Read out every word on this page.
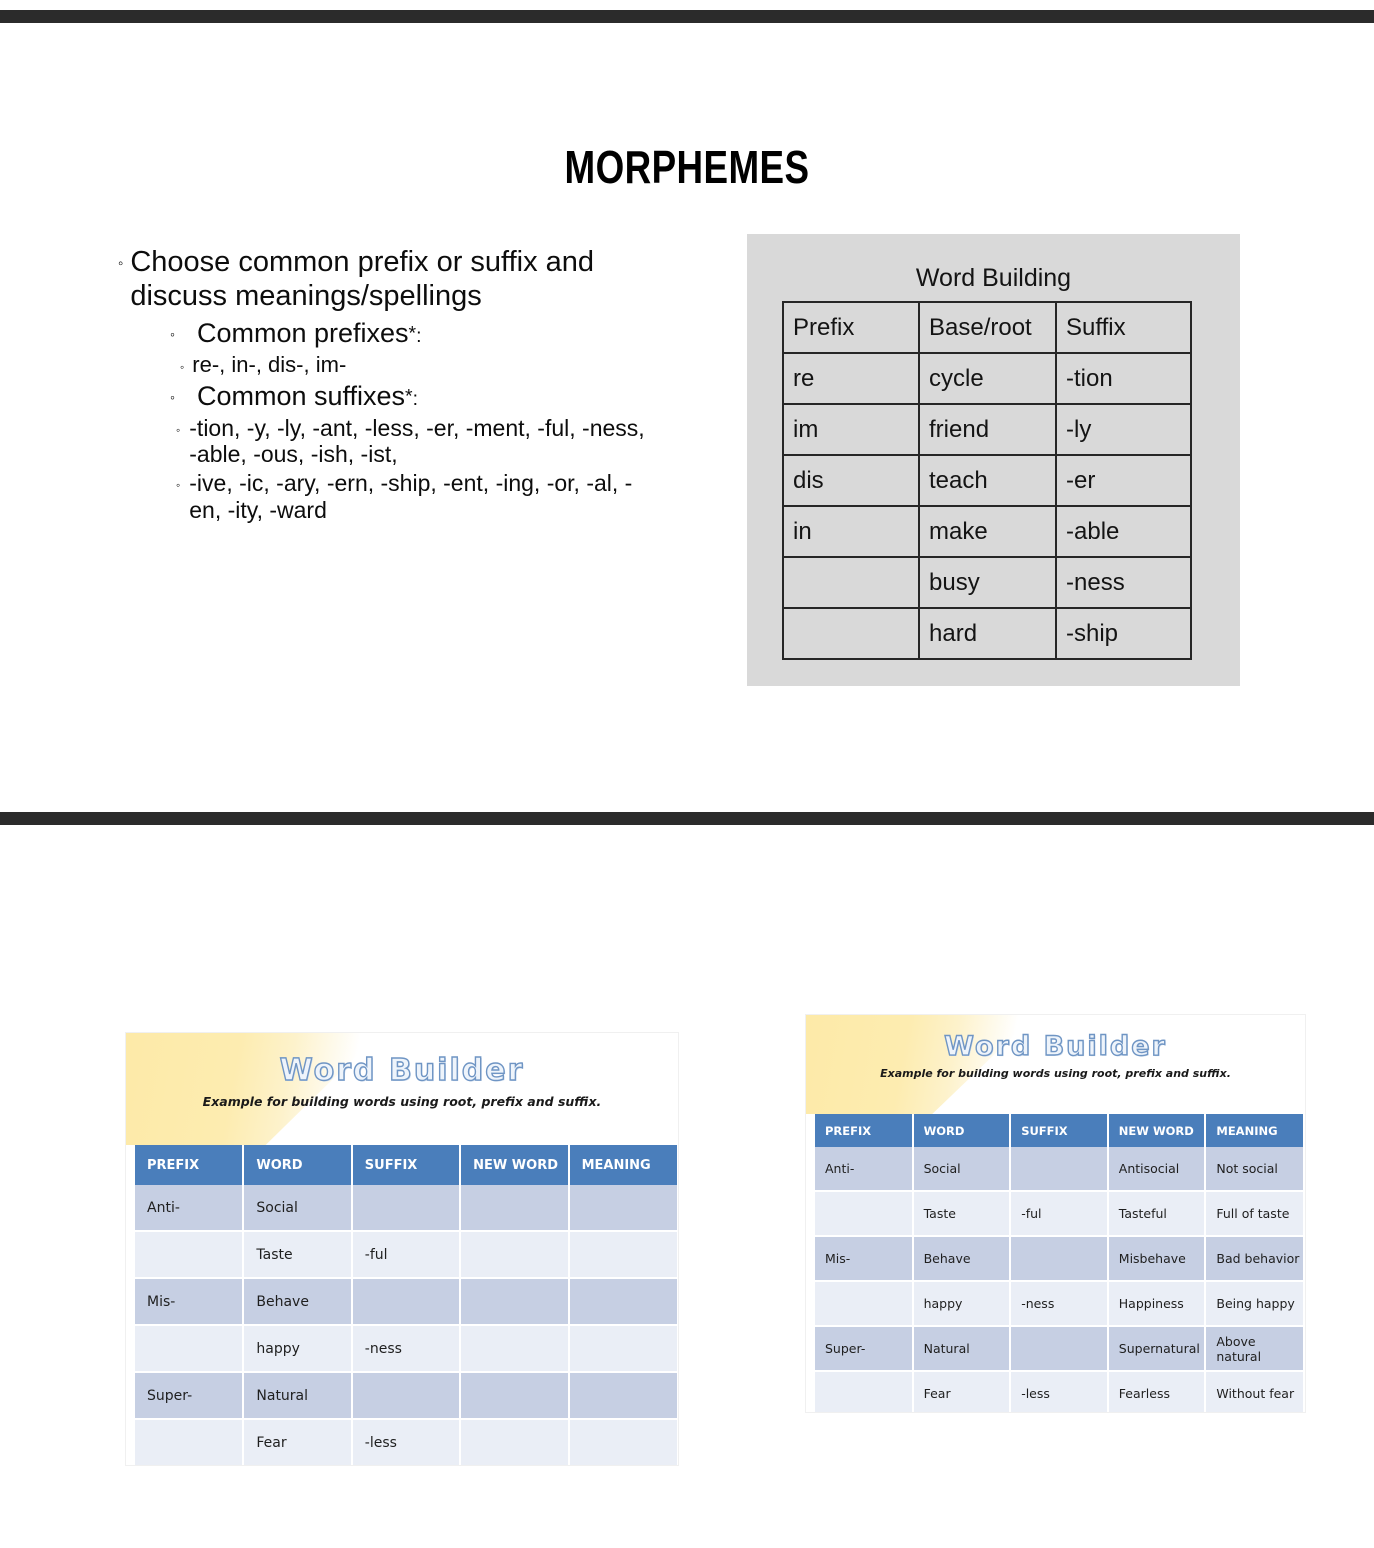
MORPHEMES
◦ Choose common prefix or suffix and discuss meanings/spellings
◦ Common prefixes*:
◦ re-, in-, dis-, im-
◦ Common suffixes*:
◦ -tion, -y, -ly, -ant, -less, -er, -ment, -ful, -ness, -able, -ous, -ish, -ist,
◦ -ive, -ic, -ary, -ern, -ship, -ent, -ing, -or, -al, -en, -ity, -ward
Word Building
Prefix	Base/root	Suffix
re	cycle	-tion
im	friend	-ly
dis	teach	-er
in	make	-able
	busy	-ness
	hard	-ship
Word Builder
Example for building words using root, prefix and suffix.
PREFIX	WORD	SUFFIX	NEW WORD	MEANING
Anti-	Social			
	Taste	-ful		
Mis-	Behave			
	happy	-ness		
Super-	Natural			
	Fear	-less		
Word Builder
Example for building words using root, prefix and suffix.
PREFIX	WORD	SUFFIX	NEW WORD	MEANING
Anti-	Social		Antisocial	Not social
	Taste	-ful	Tasteful	Full of taste
Mis-	Behave		Misbehave	Bad behavior
	happy	-ness	Happiness	Being happy
Super-	Natural		Supernatural	Above natural
	Fear	-less	Fearless	Without fear
